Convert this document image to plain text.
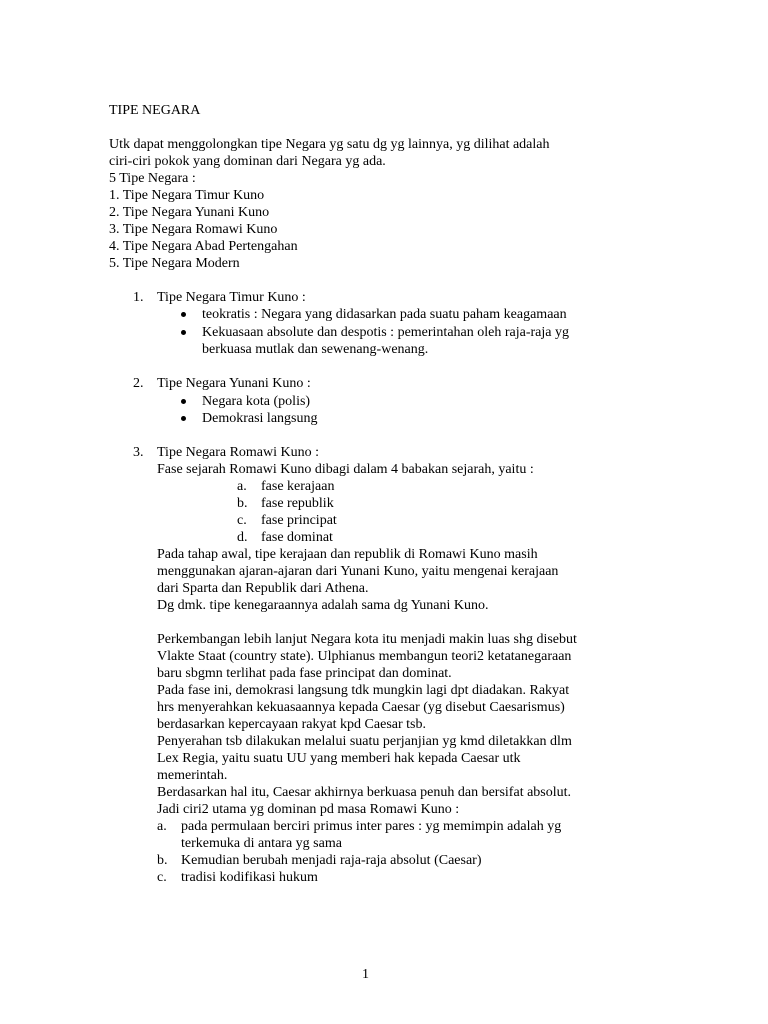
TIPE NEGARA
Utk dapat menggolongkan tipe Negara yg satu dg yg lainnya, yg dilihat adalah
ciri-ciri pokok yang dominan dari Negara yg ada.
5 Tipe Negara :
1. Tipe Negara Timur Kuno
2. Tipe Negara Yunani Kuno
3. Tipe Negara Romawi Kuno
4. Tipe Negara Abad Pertengahan
5. Tipe Negara Modern
1. Tipe Negara Timur Kuno :
teokratis : Negara yang didasarkan pada suatu paham keagamaan
Kekuasaan absolute dan despotis : pemerintahan oleh raja-raja yg
berkuasa mutlak dan sewenang-wenang.
2. Tipe Negara Yunani Kuno :
Negara kota (polis)
Demokrasi langsung
3. Tipe Negara Romawi Kuno :
Fase sejarah Romawi Kuno dibagi dalam 4 babakan sejarah, yaitu :
a. fase kerajaan
b. fase republik
c. fase principat
d. fase dominat
Pada tahap awal, tipe kerajaan dan republik di Romawi Kuno masih
menggunakan ajaran-ajaran dari Yunani Kuno, yaitu mengenai kerajaan
dari Sparta dan Republik dari Athena.
Dg dmk. tipe kenegaraannya adalah sama dg Yunani Kuno.
Perkembangan lebih lanjut Negara kota itu menjadi makin luas shg disebut
Vlakte Staat (country state). Ulphianus membangun teori2 ketatanegaraan
baru sbgmn terlihat pada fase principat dan dominat.
Pada fase ini, demokrasi langsung tdk mungkin lagi dpt diadakan. Rakyat
hrs menyerahkan kekuasaannya kepada Caesar (yg disebut Caesarismus)
berdasarkan kepercayaan rakyat kpd Caesar tsb.
Penyerahan tsb dilakukan melalui suatu perjanjian yg kmd diletakkan dlm
Lex Regia, yaitu suatu UU yang memberi hak kepada Caesar utk
memerintah.
Berdasarkan hal itu, Caesar akhirnya berkuasa penuh dan bersifat absolut.
Jadi ciri2 utama yg dominan pd masa Romawi Kuno :
a. pada permulaan berciri primus inter pares : yg memimpin adalah yg
terkemuka di antara yg sama
b. Kemudian berubah menjadi raja-raja absolut (Caesar)
c. tradisi kodifikasi hukum
1
